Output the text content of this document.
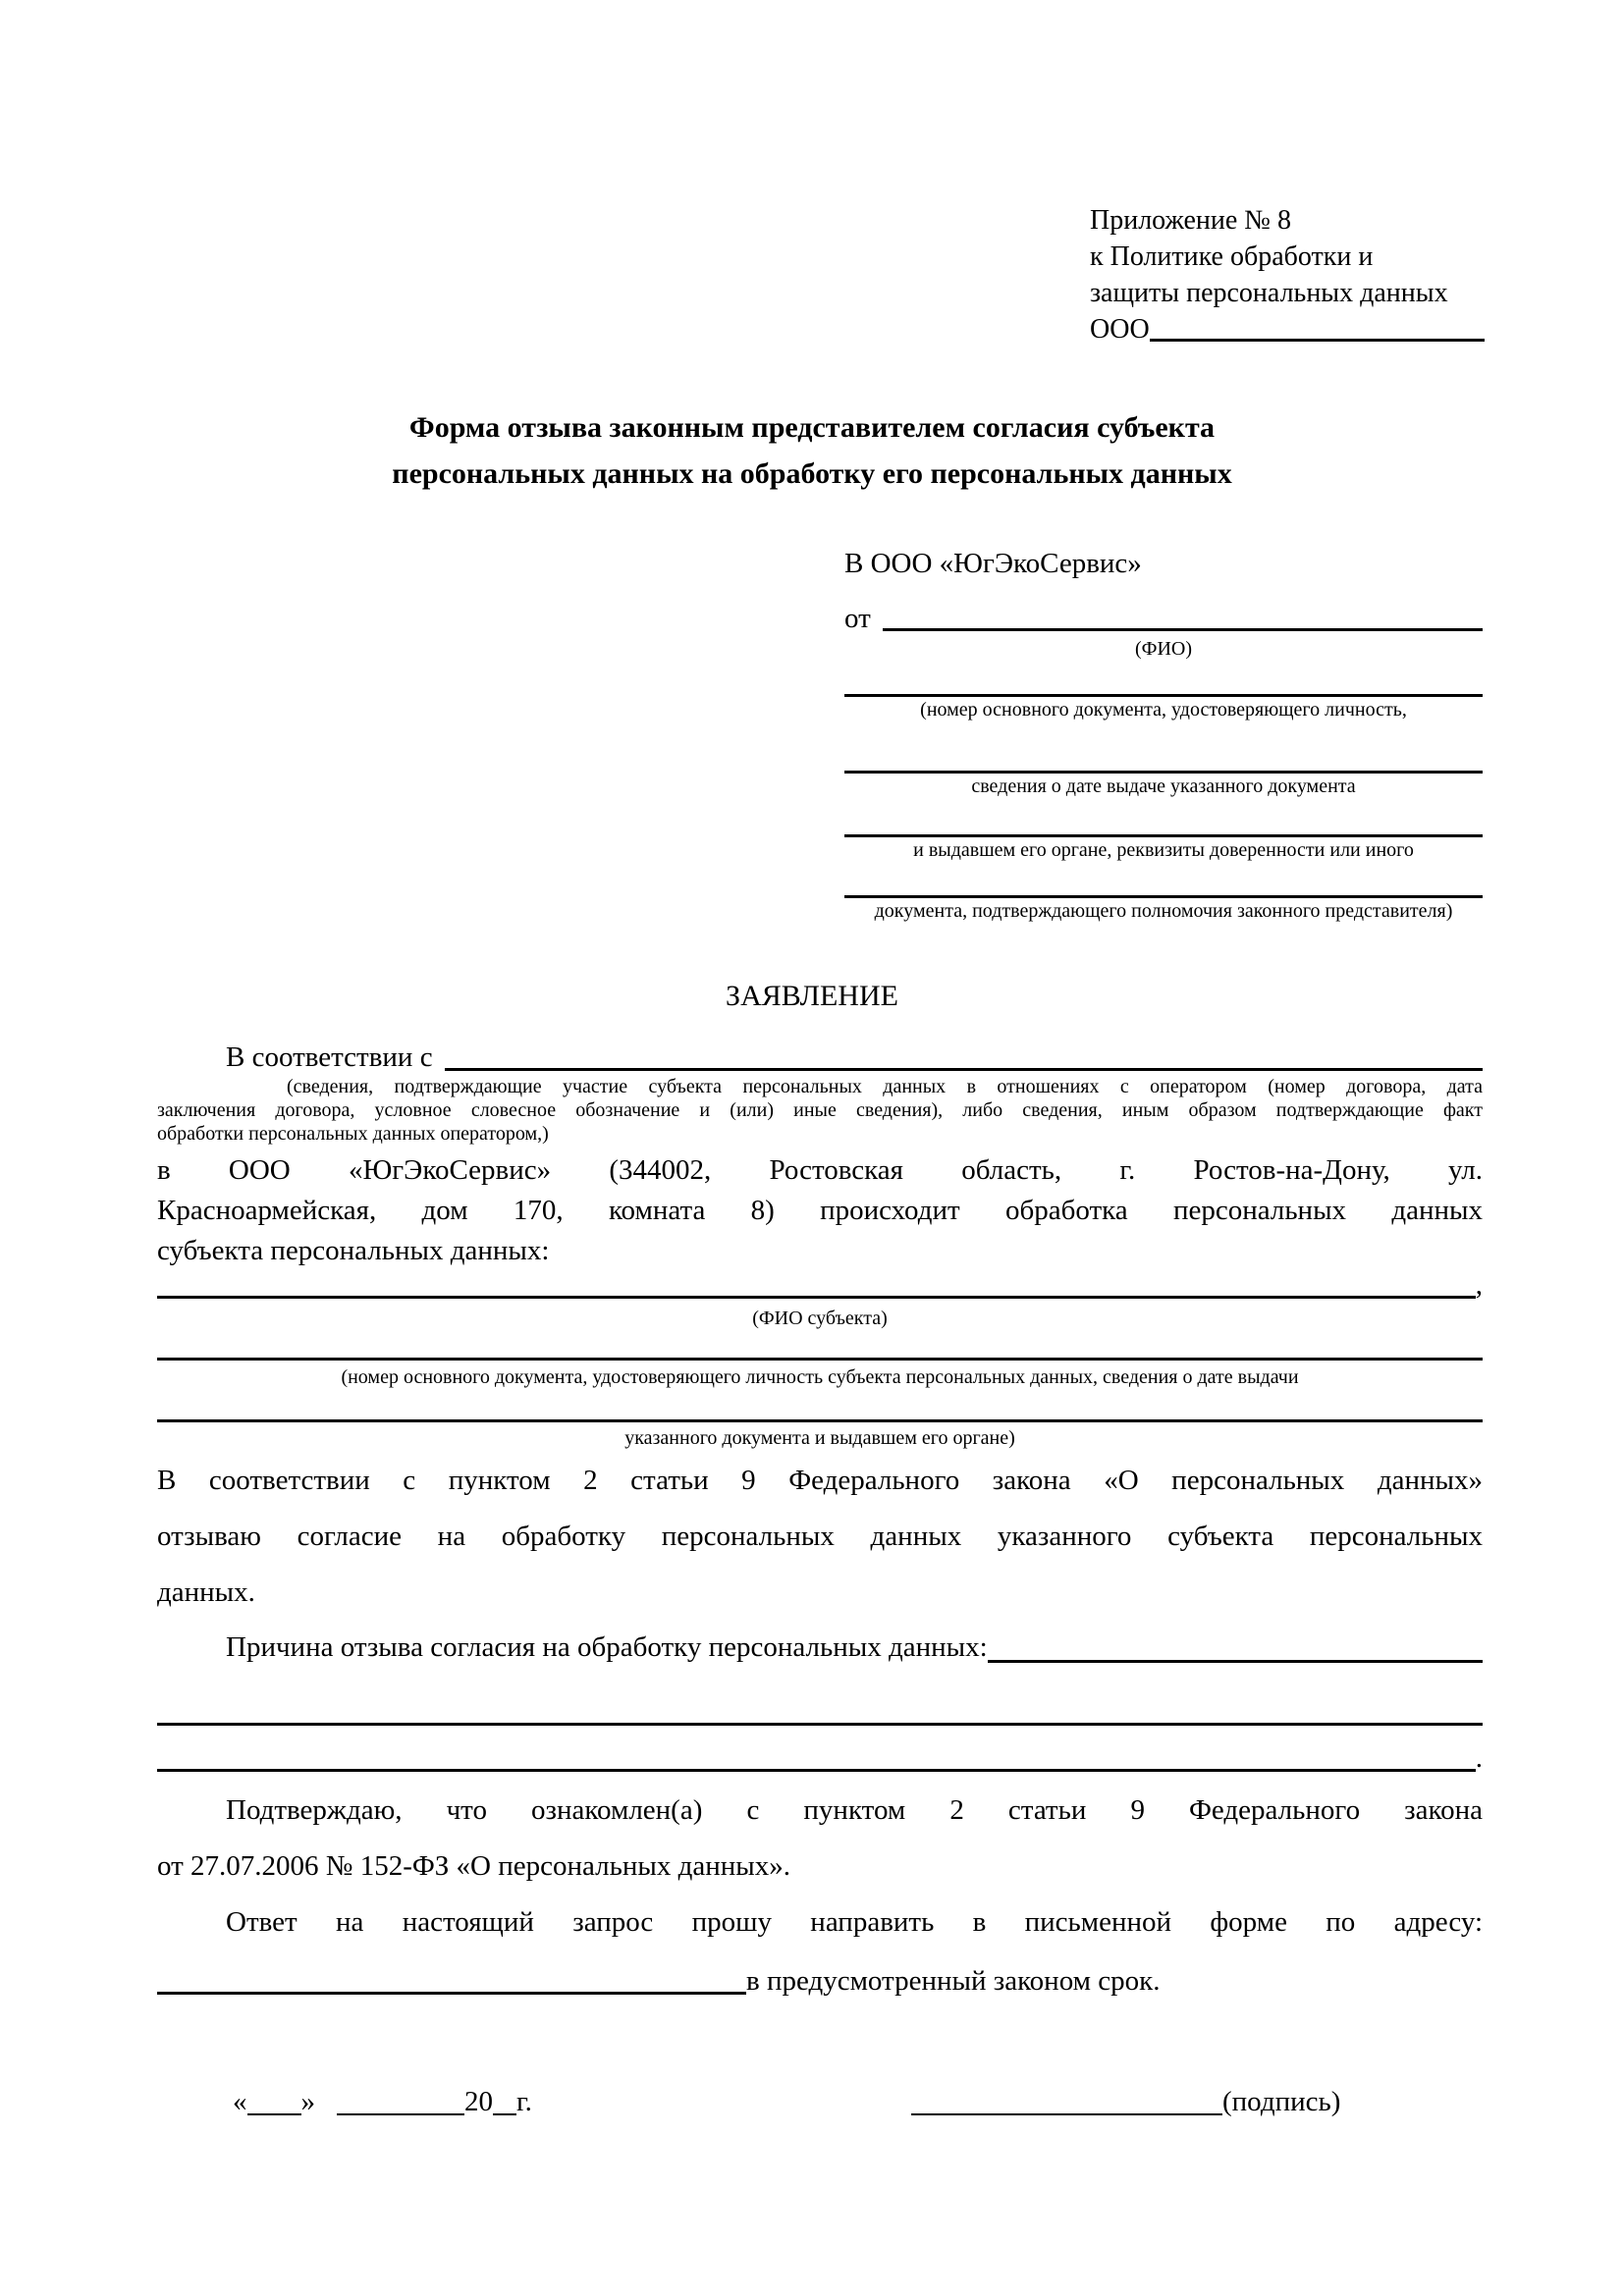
Приложение № 8
к Политике обработки и
защиты персональных данных
ООО
Форма отзыва законным представителем согласия субъекта
персональных данных на обработку его персональных данных
В ООО «ЮгЭкоСервис»
от
(ФИО)
(номер основного документа, удостоверяющего личность,
сведения о дате выдаче указанного документа
и выдавшем его органе, реквизиты доверенности или иного
документа, подтверждающего полномочия законного представителя)
ЗАЯВЛЕНИЕ
В соответствии с
(сведения, подтверждающие участие субъекта персональных данных в отношениях с оператором (номер договора, дата
заключения договора, условное словесное обозначение и (или) иные сведения), либо сведения, иным образом подтверждающие факт
обработки персональных данных оператором,)
в ООО «ЮгЭкоСервис» (344002, Ростовская область, г. Ростов-на-Дону, ул.
Красноармейская, дом 170, комната 8) происходит обработка персональных данных
субъекта персональных данных:
,
(ФИО субъекта)
(номер основного документа, удостоверяющего личность субъекта персональных данных, сведения о дате выдачи
указанного документа и выдавшем его органе)
В соответствии с пунктом 2 статьи 9 Федерального закона «О персональных данных»
отзываю согласие на обработку персональных данных указанного субъекта персональных
данных.
Причина отзыва согласия на обработку персональных данных:
.
Подтверждаю, что ознакомлен(а) с пунктом 2 статьи 9 Федерального закона
от 27.07.2006 № 152-ФЗ «О персональных данных».
Ответ на настоящий запрос прошу направить в письменной форме по адресу:
в предусмотренный законом срок.
« »	20 г.	(подпись)
